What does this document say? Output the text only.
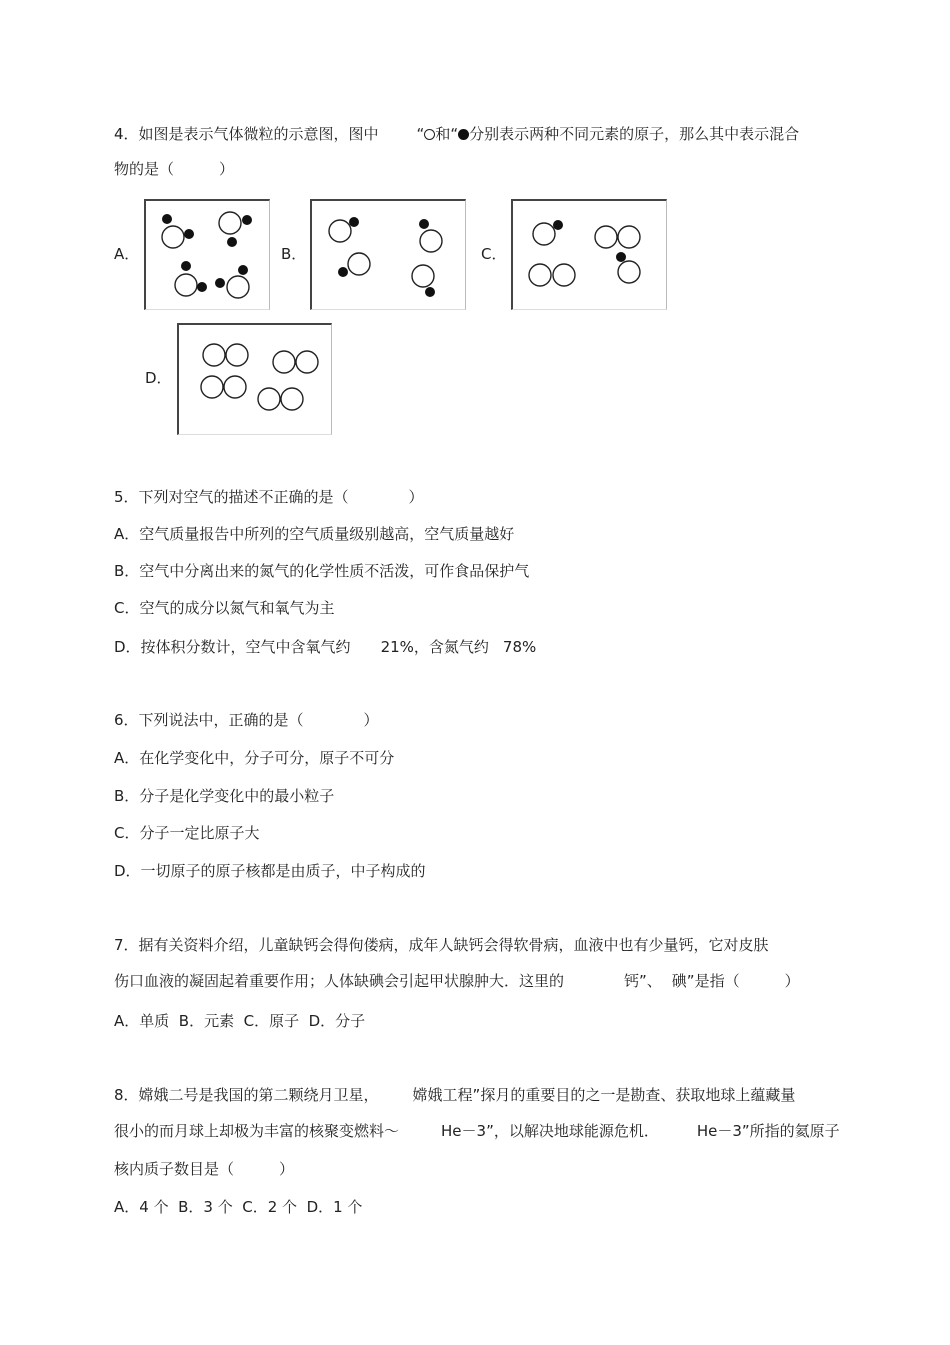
4．如图是表示气体微粒的示意图，图中	“ 和“ 分别表示两种不同元素的原子，那么其中表示混合
物的是（　　　）
A．	B．	C．
D．
5．下列对空气的描述不正确的是（　　　　）
A．空气质量报告中所列的空气质量级别越高，空气质量越好
B．空气中分离出来的氮气的化学性质不活泼，可作食品保护气
C．空气的成分以氮气和氧气为主
D．按体积分数计，空气中含氧气约 21%，含氮气约 78%
6．下列说法中，正确的是（　　　　）
A．在化学变化中，分子可分，原子不可分
B．分子是化学变化中的最小粒子
C．分子一定比原子大
D．一切原子的原子核都是由质子，中子构成的
7．据有关资料介绍，儿童缺钙会得佝偻病，成年人缺钙会得软骨病，血液中也有少量钙，它对皮肤
伤口血液的凝固起着重要作用；人体缺碘会引起甲状腺肿大．这里的	钙”、 碘”是指（　　　）
A．单质  B．元素  C．原子  D．分子
8．嫦娥二号是我国的第二颗绕月卫星， 嫦娥工程”探月的重要目的之一是勘查、获取地球上蕴藏量
很小的而月球上却极为丰富的核聚变燃料～	He－3”，以解决地球能源危机．	He－3”所指的氦原子
核内质子数目是（　　　）
A．4 个  B．3 个  C．2 个  D．1 个
